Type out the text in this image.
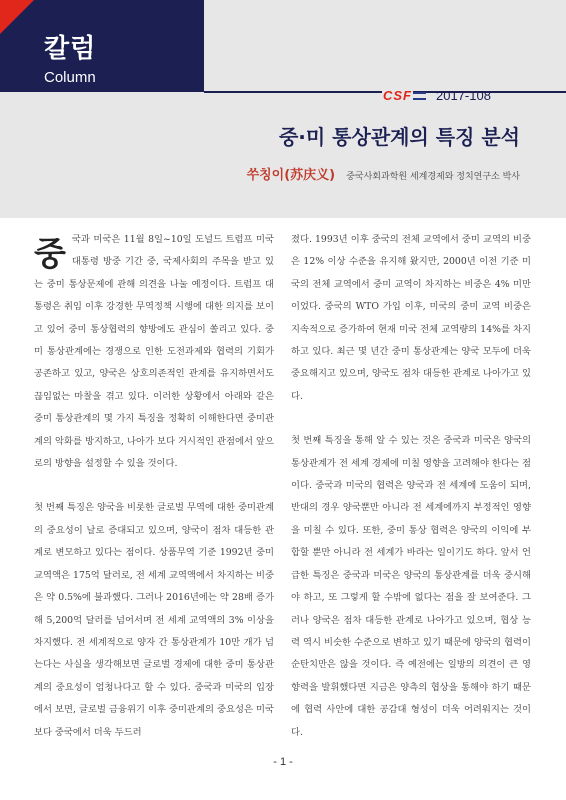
칼럼

Column

CSF	2017-108

중·미 통상관계의 특징 분석

쑤칭이(苏庆义) 중국사회과학원 세계경제와 정치연구소 박사

중국과 미국은 11월 8일~10일 도널드 트럼프 미국 대통령 방중 기간 중, 국제사회의 주목을 받고 있는 중미 통상문제에 관해 의견을 나눌 예정이다. 트럼프 대통령은 취임 이후 강경한 무역정책 시행에 대한 의지를 보이고 있어 중미 통상협력의 향방에도 관심이 쏠리고 있다. 중미 통상관계에는 경쟁으로 인한 도전과제와 협력의 기회가 공존하고 있고, 양국은 상호의존적인 관계를 유지하면서도 끊임없는 마찰을 겪고 있다. 이러한 상황에서 아래와 같은 중미 통상관계의 몇 가지 특징을 정확히 이해한다면 중미관계의 악화를 방지하고, 나아가 보다 거시적인 관점에서 앞으로의 방향을 설정할 수 있을 것이다.

첫 번째 특징은 양국을 비롯한 글로벌 무역에 대한 중미관계의 중요성이 날로 증대되고 있으며, 양국이 점차 대등한 관계로 변모하고 있다는 점이다. 상품무역 기준 1992년 중미 교역액은 175억 달러로, 전 세계 교역액에서 차지하는 비중은 약 0.5%에 불과했다. 그러나 2016년에는 약 28배 증가해 5,200억 달러를 넘어서며 전 세계 교역액의 3% 이상을 차지했다. 전 세계적으로 양자 간 통상관계가 10만 개가 넘는다는 사실을 생각해보면 글로벌 경제에 대한 중미 통상관계의 중요성이 엄청나다고 할 수 있다. 중국과 미국의 입장에서 보면, 글로벌 금융위기 이후 중미관계의 중요성은 미국보다 중국에서 더욱 두드러

졌다. 1993년 이후 중국의 전체 교역에서 중미 교역의 비중은 12% 이상 수준을 유지해 왔지만, 2000년 이전 기준 미국의 전체 교역에서 중미 교역이 차지하는 비중은 4% 미만이었다. 중국의 WTO 가입 이후, 미국의 중미 교역 비중은 지속적으로 증가하여 현재 미국 전체 교역량의 14%를 차지하고 있다. 최근 몇 년간 중미 통상관계는 양국 모두에 더욱 중요해지고 있으며, 양국도 점차 대등한 관계로 나아가고 있다.

첫 번째 특징을 통해 알 수 있는 것은 중국과 미국은 양국의 통상관계가 전 세계 경제에 미칠 영향을 고려해야 한다는 점이다. 중국과 미국의 협력은 양국과 전 세계에 도움이 되며, 반대의 경우 양국뿐만 아니라 전 세계에까지 부정적인 영향을 미칠 수 있다. 또한, 중미 통상 협력은 양국의 이익에 부합할 뿐만 아니라 전 세계가 바라는 일이기도 하다. 앞서 언급한 특징은 중국과 미국은 양국의 통상관계를 더욱 중시해야 하고, 또 그렇게 할 수밖에 없다는 점을 잘 보여준다. 그러나 양국은 점차 대등한 관계로 나아가고 있으며, 협상 능력 역시 비슷한 수준으로 변하고 있기 때문에 양국의 협력이 순탄치만은 않을 것이다. 즉 예전에는 일방의 의견이 큰 영향력을 발휘했다면 지금은 양측의 협상을 통해야 하기 때문에 협력 사안에 대한 공감대 형성이 더욱 어려워지는 것이다.

- 1 -
